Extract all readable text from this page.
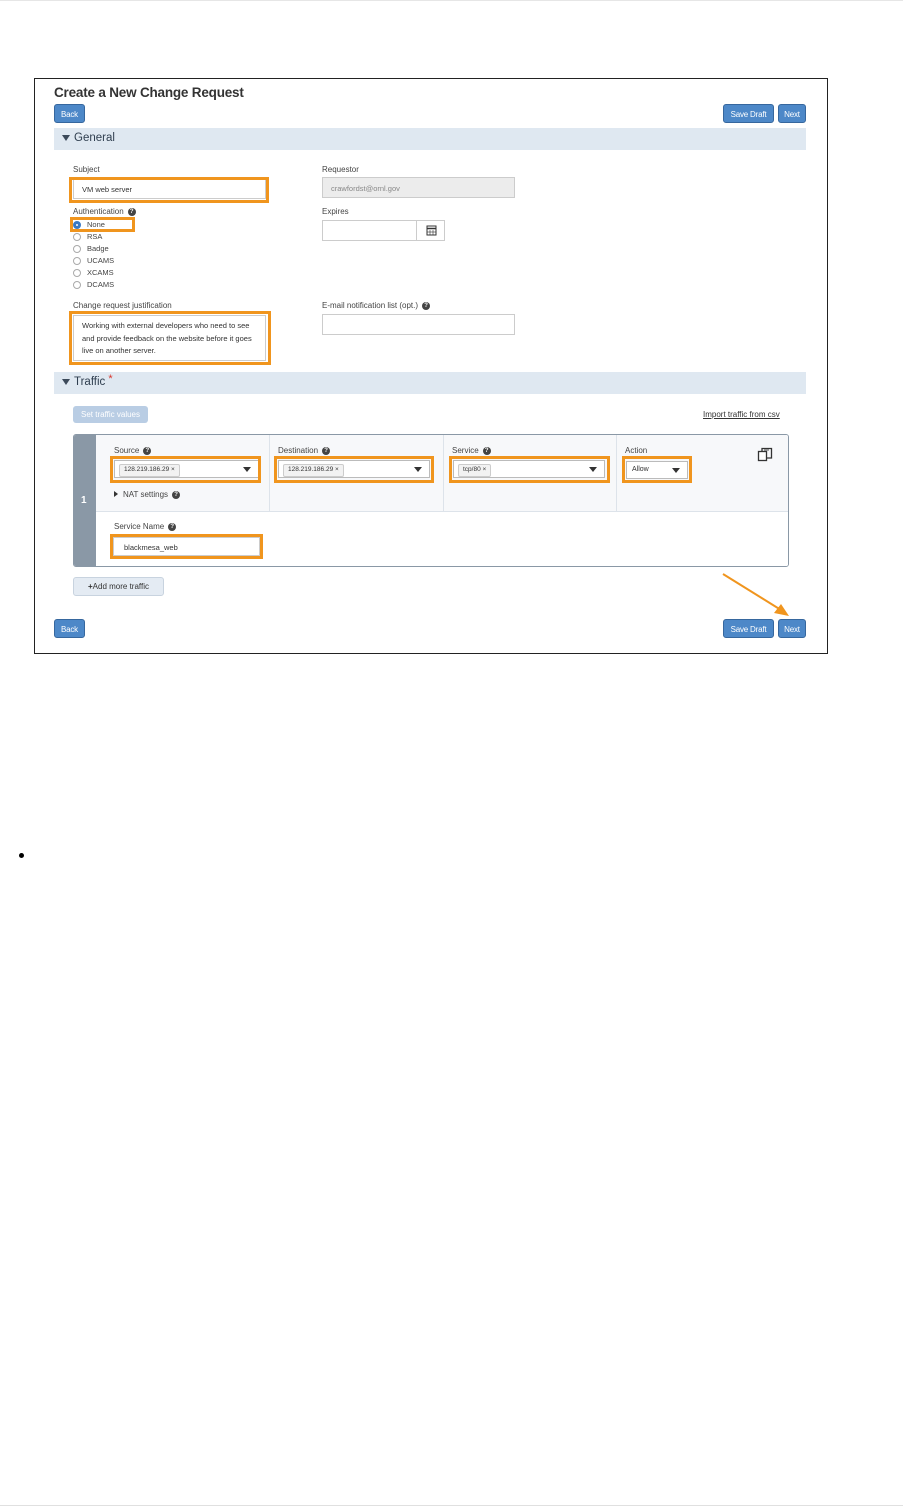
Create a New Change Request
Back	Save Draft	Next
General
Subject
VM web server
Requestor
crawfordst@ornl.gov
Authentication ?
None
RSA
Badge
UCAMS
XCAMS
DCAMS
Expires
Change request justification
Working with external developers who need to see and provide feedback on the website before it goes live on another server.
E-mail notification list (opt.) ?
Traffic *
Set traffic values	Import traffic from csv
1
Source ?
128.219.186.29 ×
Destination ?
128.219.186.29 ×
Service ?
tcp/80 ×
Action
Allow
NAT settings ?
Service Name ?
blackmesa_web
+Add more traffic
Back	Save Draft	Next
